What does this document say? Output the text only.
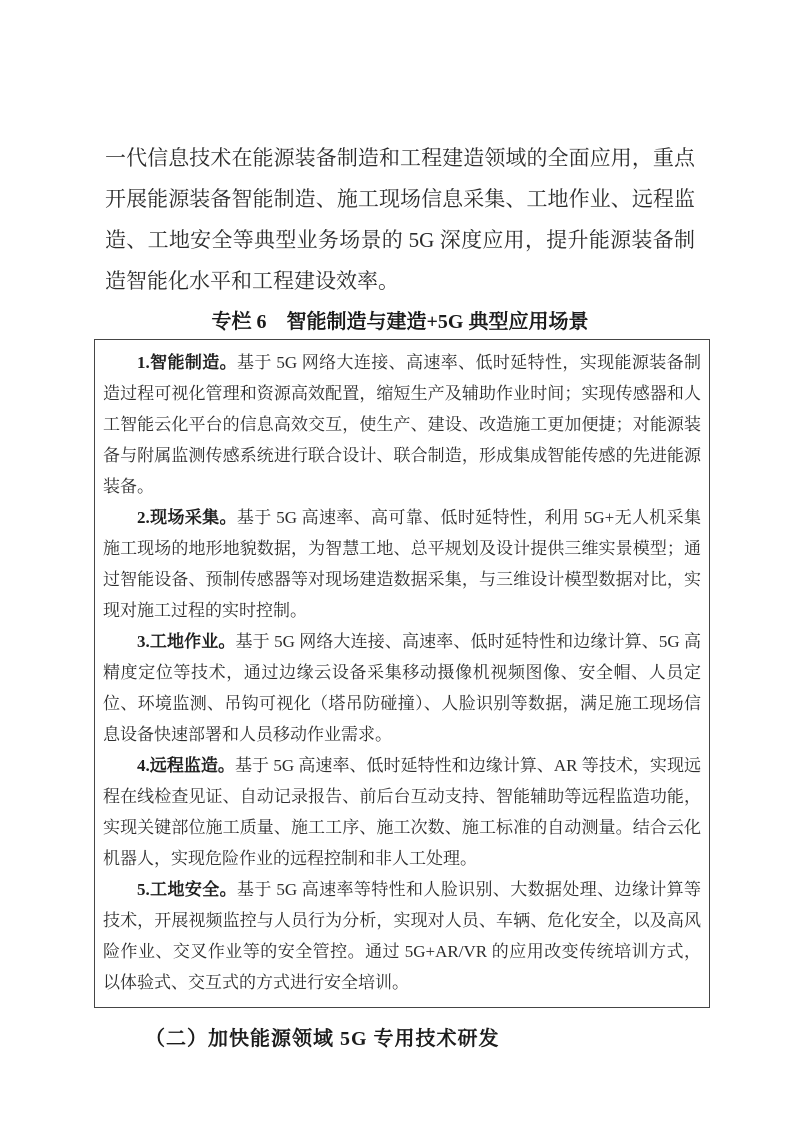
一代信息技术在能源装备制造和工程建造领域的全面应用，重点开展能源装备智能制造、施工现场信息采集、工地作业、远程监造、工地安全等典型业务场景的 5G 深度应用，提升能源装备制造智能化水平和工程建设效率。

专栏 6　智能制造与建造+5G 典型应用场景

1.智能制造。基于 5G 网络大连接、高速率、低时延特性，实现能源装备制造过程可视化管理和资源高效配置，缩短生产及辅助作业时间；实现传感器和人工智能云化平台的信息高效交互，使生产、建设、改造施工更加便捷；对能源装备与附属监测传感系统进行联合设计、联合制造，形成集成智能传感的先进能源装备。

2.现场采集。基于 5G 高速率、高可靠、低时延特性，利用 5G+无人机采集施工现场的地形地貌数据，为智慧工地、总平规划及设计提供三维实景模型；通过智能设备、预制传感器等对现场建造数据采集，与三维设计模型数据对比，实现对施工过程的实时控制。

3.工地作业。基于 5G 网络大连接、高速率、低时延特性和边缘计算、5G 高精度定位等技术，通过边缘云设备采集移动摄像机视频图像、安全帽、人员定位、环境监测、吊钩可视化（塔吊防碰撞）、人脸识别等数据，满足施工现场信息设备快速部署和人员移动作业需求。

4.远程监造。基于 5G 高速率、低时延特性和边缘计算、AR 等技术，实现远程在线检查见证、自动记录报告、前后台互动支持、智能辅助等远程监造功能，实现关键部位施工质量、施工工序、施工次数、施工标准的自动测量。结合云化机器人，实现危险作业的远程控制和非人工处理。

5.工地安全。基于 5G 高速率等特性和人脸识别、大数据处理、边缘计算等技术，开展视频监控与人员行为分析，实现对人员、车辆、危化安全，以及高风险作业、交叉作业等的安全管控。通过 5G+AR/VR 的应用改变传统培训方式，以体验式、交互式的方式进行安全培训。

（二）加快能源领域 5G 专用技术研发
